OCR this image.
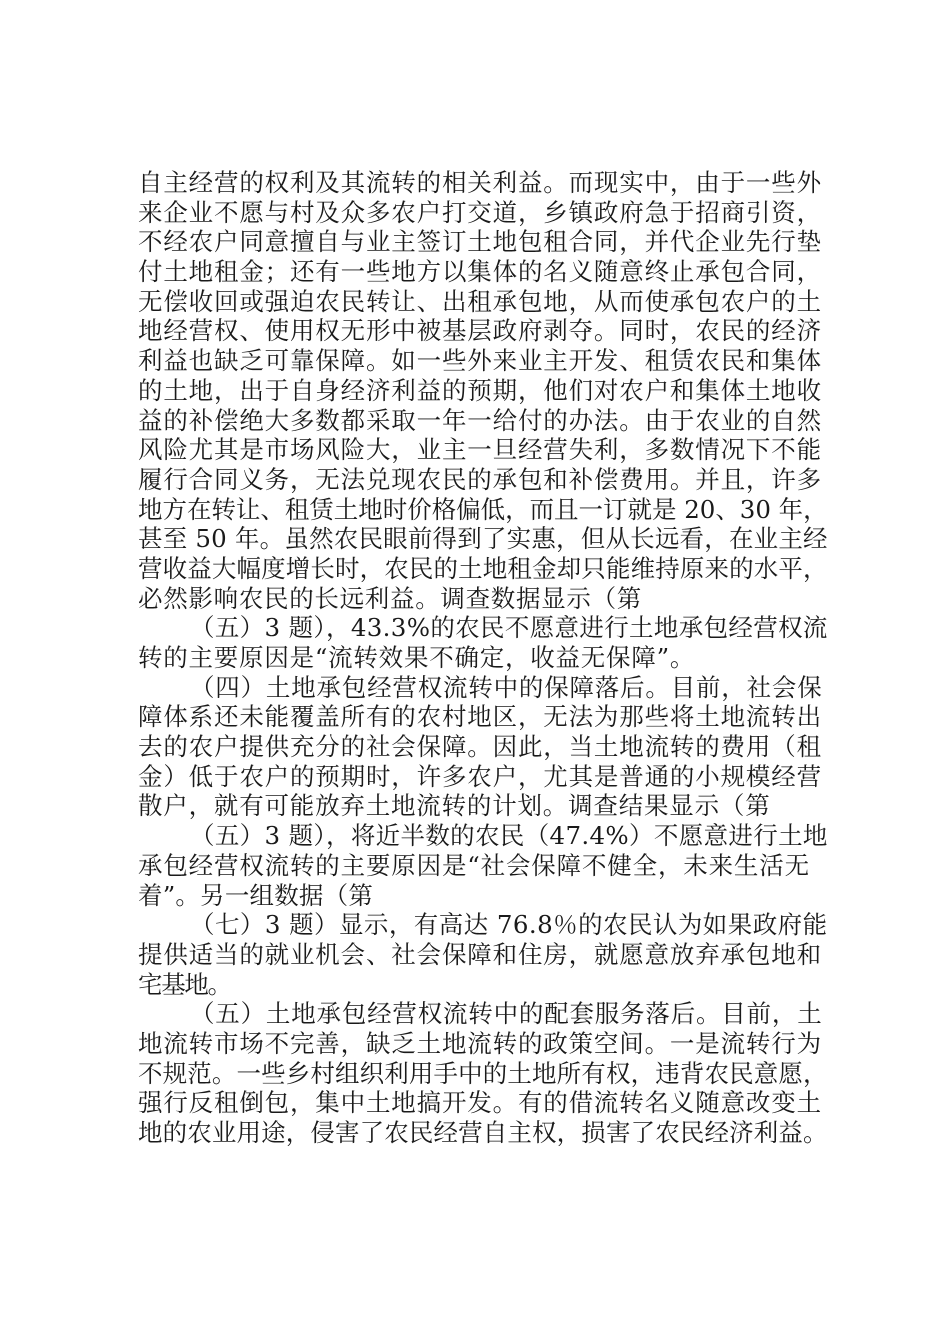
自主经营的权利及其流转的相关利益。而现实中，由于一些外
来企业不愿与村及众多农户打交道，乡镇政府急于招商引资，
不经农户同意擅自与业主签订土地包租合同，并代企业先行垫
付土地租金；还有一些地方以集体的名义随意终止承包合同，
无偿收回或强迫农民转让、出租承包地，从而使承包农户的土
地经营权、使用权无形中被基层政府剥夺。同时，农民的经济
利益也缺乏可靠保障。如一些外来业主开发、租赁农民和集体
的土地，出于自身经济利益的预期，他们对农户和集体土地收
益的补偿绝大多数都采取一年一给付的办法。由于农业的自然
风险尤其是市场风险大，业主一旦经营失利，多数情况下不能
履行合同义务，无法兑现农民的承包和补偿费用。并且，许多
地方在转让、租赁土地时价格偏低，而且一订就是 20、30 年，
甚至 50 年。虽然农民眼前得到了实惠，但从长远看，在业主经
营收益大幅度增长时，农民的土地租金却只能维持原来的水平，
必然影响农民的长远利益。调查数据显示（第
（五）3 题），43.3%的农民不愿意进行土地承包经营权流
转的主要原因是“流转效果不确定，收益无保障”。
（四）土地承包经营权流转中的保障落后。目前，社会保
障体系还未能覆盖所有的农村地区，无法为那些将土地流转出
去的农户提供充分的社会保障。因此，当土地流转的费用（租
金）低于农户的预期时，许多农户，尤其是普通的小规模经营
散户，就有可能放弃土地流转的计划。调查结果显示（第
（五）3 题），将近半数的农民（47.4%）不愿意进行土地
承包经营权流转的主要原因是“社会保障不健全，未来生活无
着”。另一组数据（第
（七）3 题）显示，有高达 76.8％的农民认为如果政府能
提供适当的就业机会、社会保障和住房，就愿意放弃承包地和
宅基地。
（五）土地承包经营权流转中的配套服务落后。目前，土
地流转市场不完善，缺乏土地流转的政策空间。一是流转行为
不规范。一些乡村组织利用手中的土地所有权，违背农民意愿，
强行反租倒包，集中土地搞开发。有的借流转名义随意改变土
地的农业用途，侵害了农民经营自主权，损害了农民经济利益。
